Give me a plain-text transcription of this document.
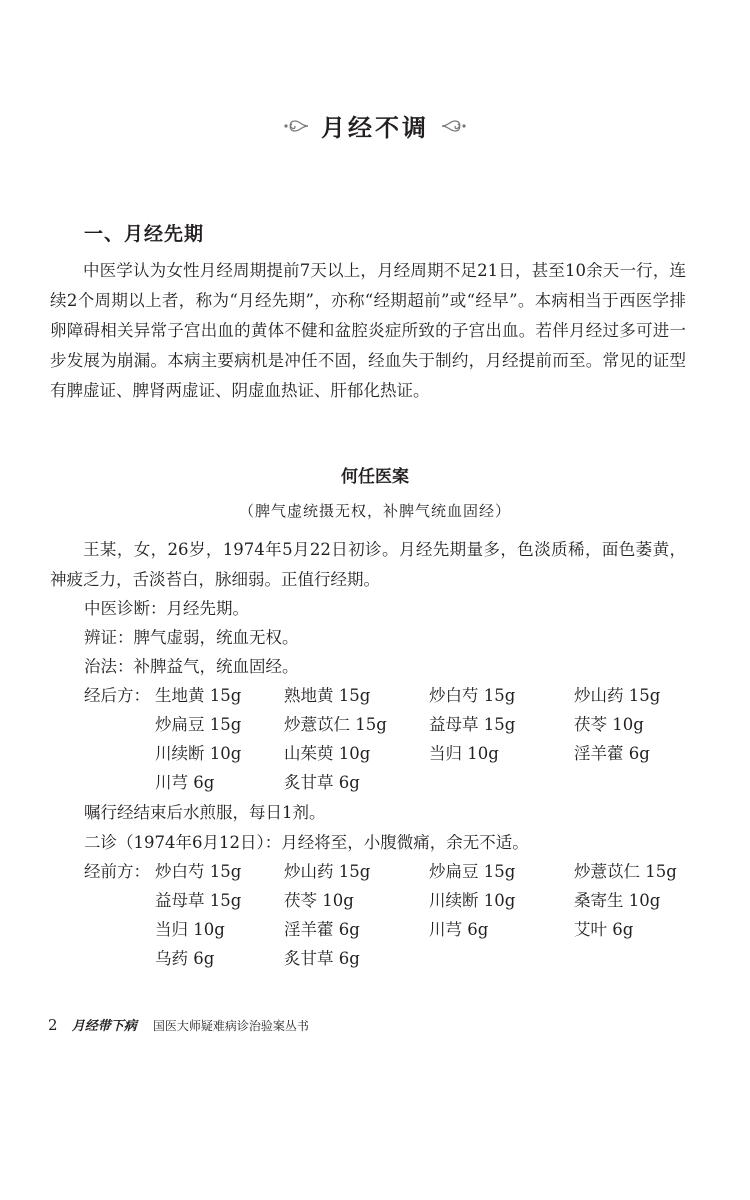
月经不调
一、月经先期
中医学认为女性月经周期提前7天以上，月经周期不足21日，甚至10余天一行，连续2个周期以上者，称为“月经先期”，亦称“经期超前”或“经早”。本病相当于西医学排卵障碍相关异常子宫出血的黄体不健和盆腔炎症所致的子宫出血。若伴月经过多可进一步发展为崩漏。本病主要病机是冲任不固，经血失于制约，月经提前而至。常见的证型有脾虚证、脾肾两虚证、阴虚血热证、肝郁化热证。
何任医案
（脾气虚统摄无权，补脾气统血固经）
王某，女，26岁，1974年5月22日初诊。月经先期量多，色淡质稀，面色萎黄，神疲乏力，舌淡苔白，脉细弱。正值行经期。
中医诊断：月经先期。
辨证：脾气虚弱，统血无权。
治法：补脾益气，统血固经。
经后方： 生地黄 15g	熟地黄 15g	炒白芍 15g	炒山药 15g
炒扁豆 15g	炒薏苡仁 15g	益母草 15g	茯苓 10g
川续断 10g	山茱萸 10g	当归 10g	淫羊藿 6g
川芎 6g	炙甘草 6g
嘱行经结束后水煎服，每日1剂。
二诊（1974年6月12日）：月经将至，小腹微痛，余无不适。
经前方： 炒白芍 15g	炒山药 15g	炒扁豆 15g	炒薏苡仁 15g
益母草 15g	茯苓 10g	川续断 10g	桑寄生 10g
当归 10g	淫羊藿 6g	川芎 6g	艾叶 6g
乌药 6g	炙甘草 6g
2 月经带下病 国医大师疑难病诊治验案丛书
